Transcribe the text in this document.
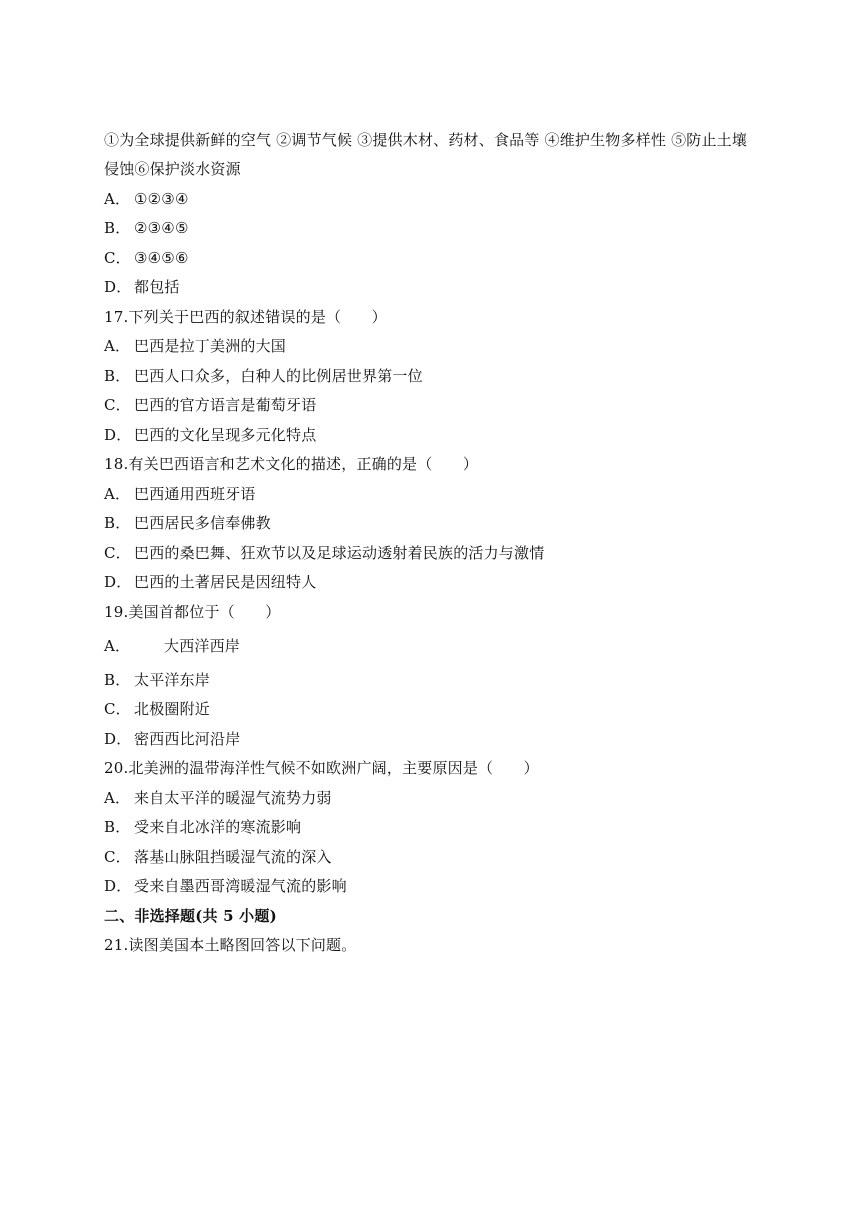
①为全球提供新鲜的空气 ②调节气候 ③提供木材、药材、食品等 ④维护生物多样性 ⑤防止土壤
侵蚀⑥保护淡水资源
A． ①②③④
B． ②③④⑤
C． ③④⑤⑥
D． 都包括
17.下列关于巴西的叙述错误的是（　　）
A． 巴西是拉丁美洲的大国
B． 巴西人口众多，白种人的比例居世界第一位
C． 巴西的官方语言是葡萄牙语
D． 巴西的文化呈现多元化特点
18.有关巴西语言和艺术文化的描述，正确的是（　　）
A． 巴西通用西班牙语
B． 巴西居民多信奉佛教
C． 巴西的桑巴舞、狂欢节以及足球运动透射着民族的活力与激情
D． 巴西的土著居民是因纽特人
19.美国首都位于（　　）
A． 大西洋西岸
B． 太平洋东岸
C． 北极圈附近
D． 密西西比河沿岸
20.北美洲的温带海洋性气候不如欧洲广阔，主要原因是（　　）
A． 来自太平洋的暖湿气流势力弱
B． 受来自北冰洋的寒流影响
C． 落基山脉阻挡暖湿气流的深入
D． 受来自墨西哥湾暖湿气流的影响
二、非选择题(共 5 小题)
21.读图美国本土略图回答以下问题。
